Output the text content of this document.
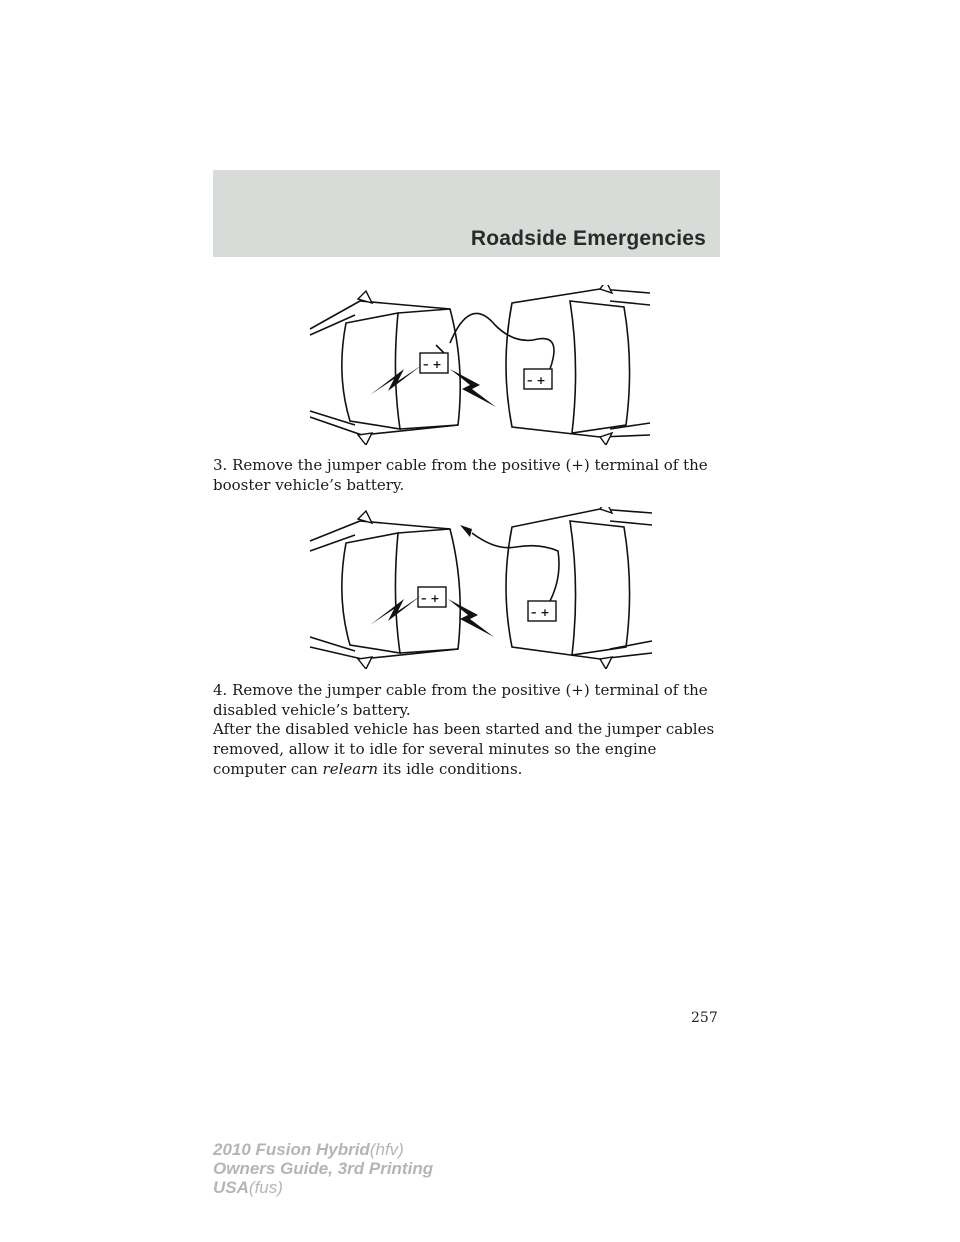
Roadside Emergencies
– +
– +

3. Remove the jumper cable from the positive (+) terminal of the booster vehicle’s battery.

– +
– +

4. Remove the jumper cable from the positive (+) terminal of the disabled vehicle’s battery.

After the disabled vehicle has been started and the jumper cables removed, allow it to idle for several minutes so the engine computer can relearn its idle conditions.

257
2010 Fusion Hybrid(hfv)
Owners Guide, 3rd Printing
USA(fus)
